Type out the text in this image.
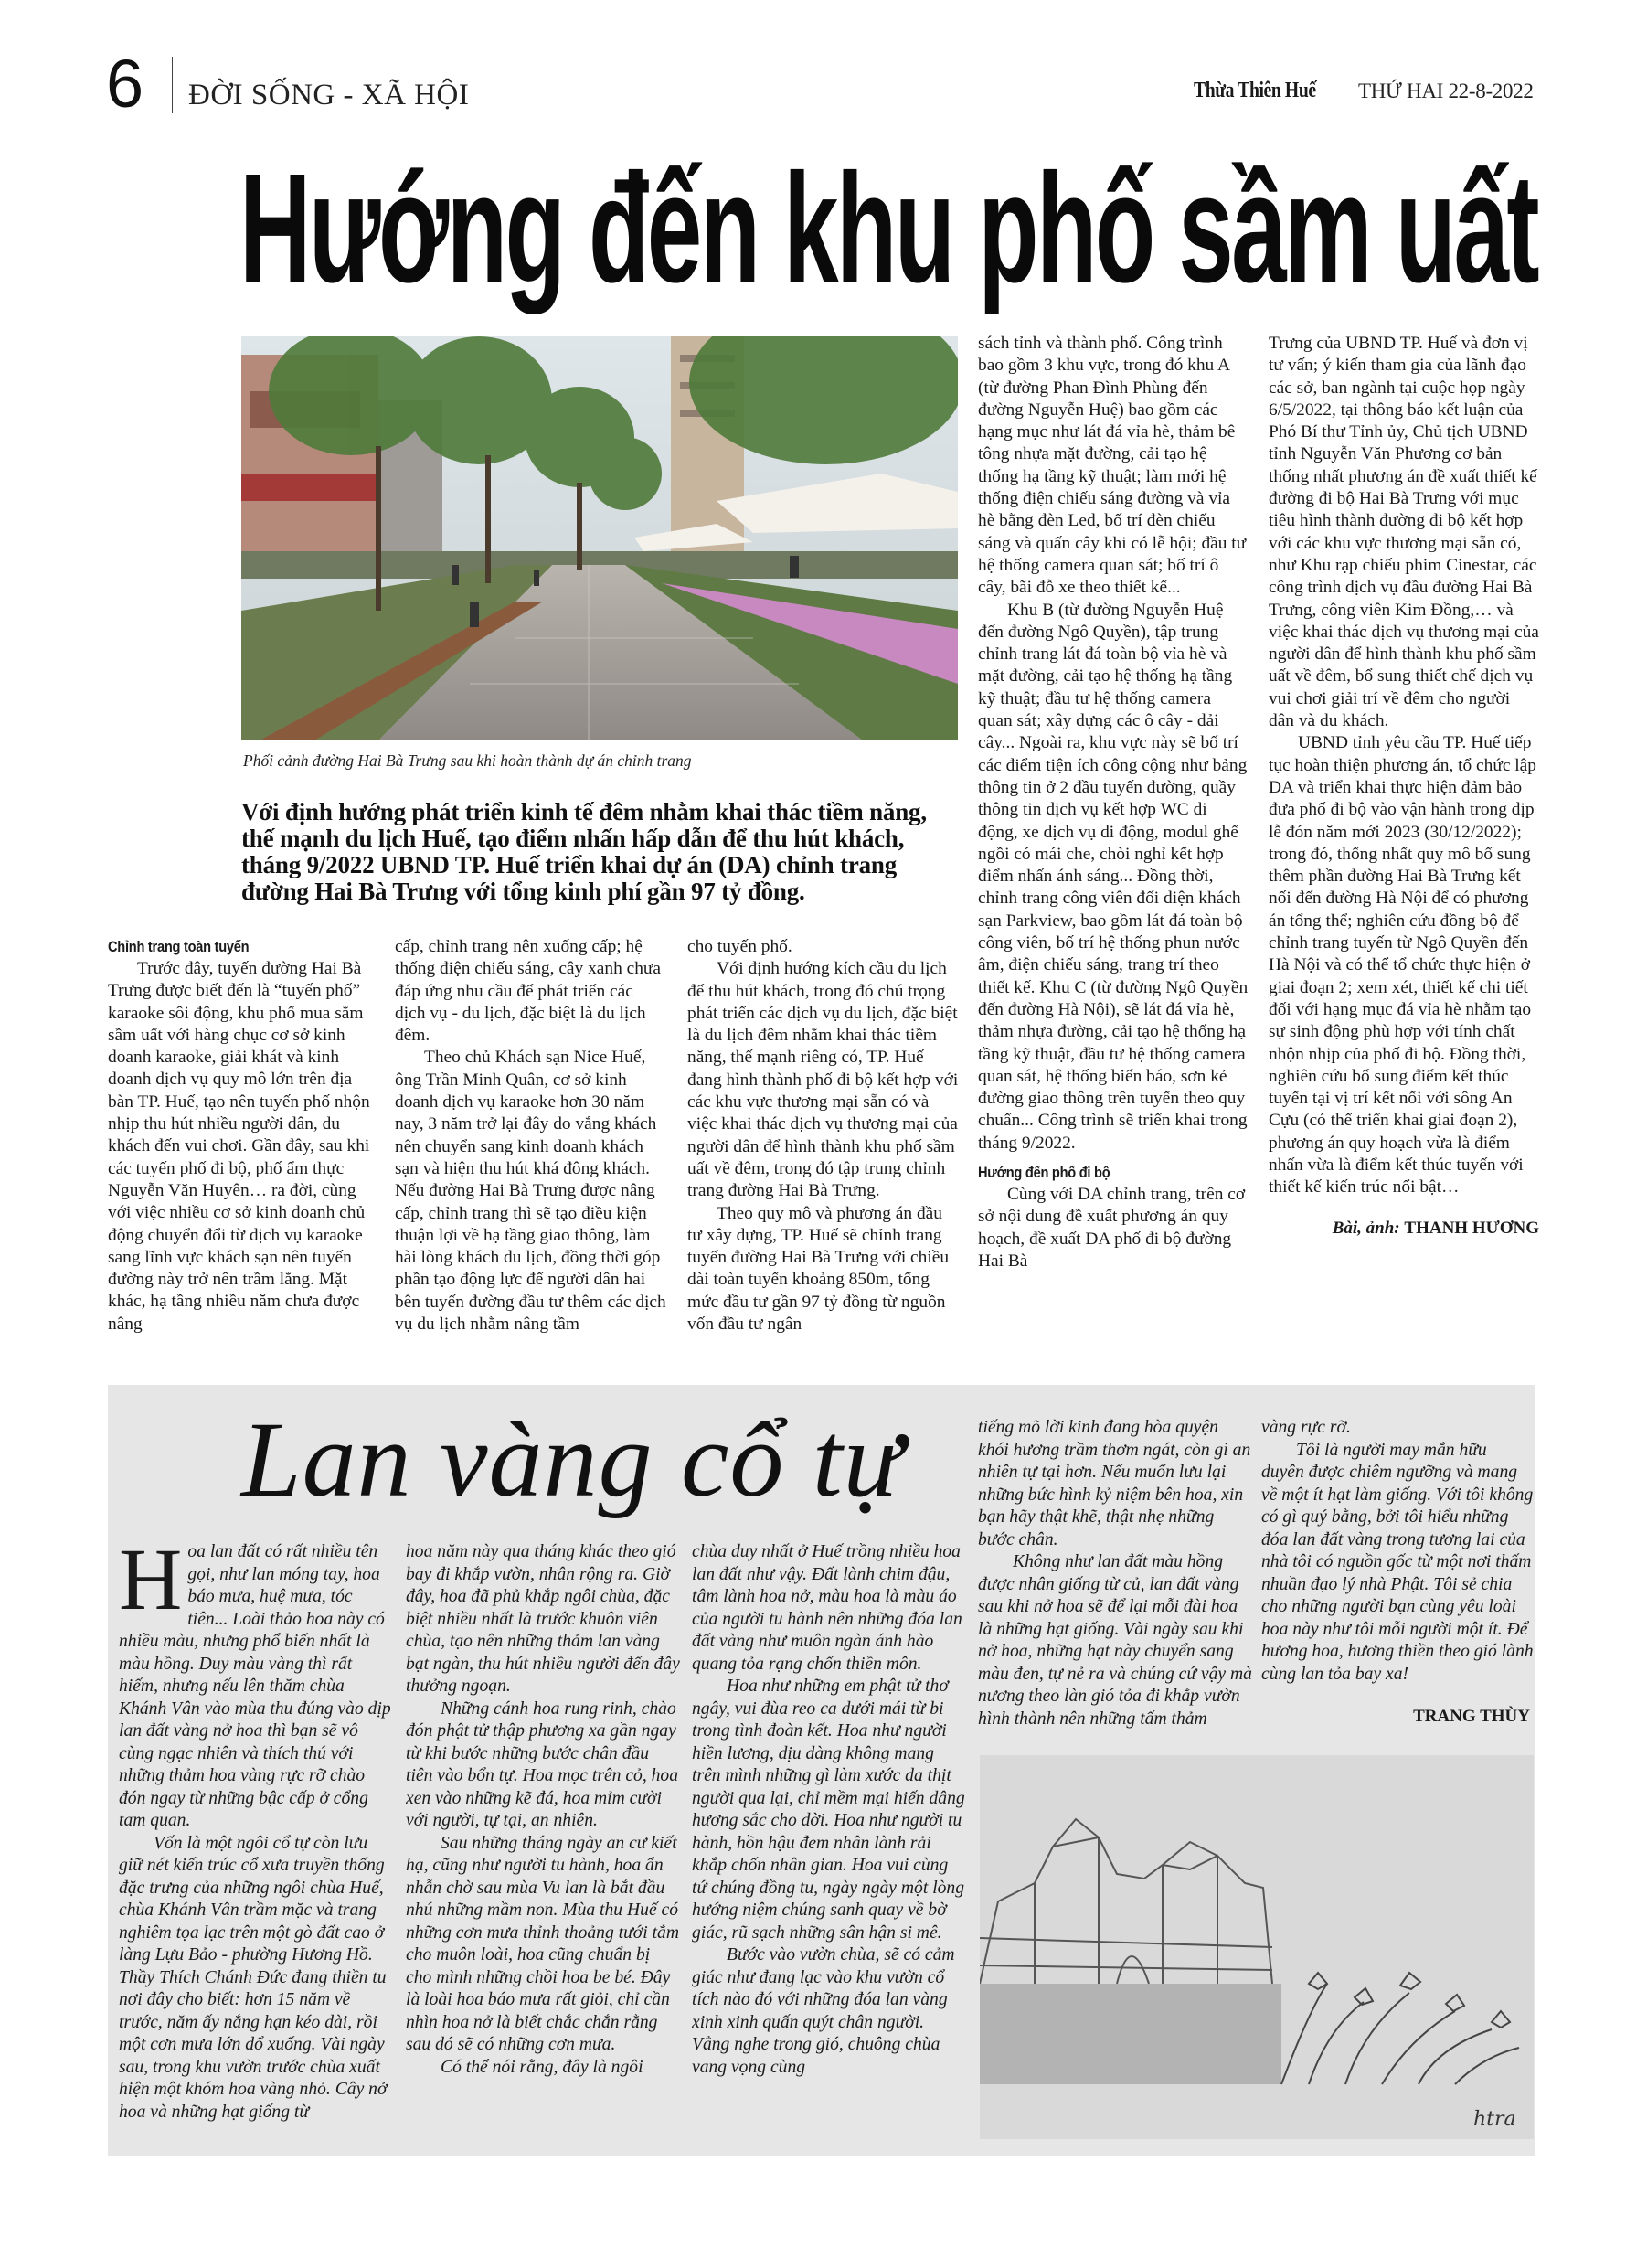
6 ĐỜI SỐNG - XÃ HỘI	Thừa Thiên Huế THỨ HAI 22-8-2022
Hướng đến khu phố sầm uất
Phối cảnh đường Hai Bà Trưng sau khi hoàn thành dự án chỉnh trang
Với định hướng phát triển kinh tế đêm nhằm khai thác tiềm năng, thế mạnh du lịch Huế, tạo điểm nhấn hấp dẫn để thu hút khách, tháng 9/2022 UBND TP. Huế triển khai dự án (DA) chỉnh trang đường Hai Bà Trưng với tổng kinh phí gần 97 tỷ đồng.
Chỉnh trang toàn tuyến

Trước đây, tuyến đường Hai Bà Trưng được biết đến là “tuyến phố” karaoke sôi động, khu phố mua sắm sầm uất với hàng chục cơ sở kinh doanh karaoke, giải khát và kinh doanh dịch vụ quy mô lớn trên địa bàn TP. Huế, tạo nên tuyến phố nhộn nhịp thu hút nhiều người dân, du khách đến vui chơi. Gần đây, sau khi các tuyến phố đi bộ, phố ẩm thực Nguyễn Văn Huyên… ra đời, cùng với việc nhiều cơ sở kinh doanh chủ động chuyển đổi từ dịch vụ karaoke sang lĩnh vực khách sạn nên tuyến đường này trở nên trầm lắng. Mặt khác, hạ tầng nhiều năm chưa được nâng

cấp, chỉnh trang nên xuống cấp; hệ thống điện chiếu sáng, cây xanh chưa đáp ứng nhu cầu để phát triển các dịch vụ - du lịch, đặc biệt là du lịch đêm.

Theo chủ Khách sạn Nice Huế, ông Trần Minh Quân, cơ sở kinh doanh dịch vụ karaoke hơn 30 năm nay, 3 năm trở lại đây do vắng khách nên chuyển sang kinh doanh khách sạn và hiện thu hút khá đông khách. Nếu đường Hai Bà Trưng được nâng cấp, chỉnh trang thì sẽ tạo điều kiện thuận lợi về hạ tầng giao thông, làm hài lòng khách du lịch, đồng thời góp phần tạo động lực để người dân hai bên tuyến đường đầu tư thêm các dịch vụ du lịch nhằm nâng tầm

cho tuyến phố.

Với định hướng kích cầu du lịch để thu hút khách, trong đó chú trọng phát triển các dịch vụ du lịch, đặc biệt là du lịch đêm nhằm khai thác tiềm năng, thế mạnh riêng có, TP. Huế đang hình thành phố đi bộ kết hợp với các khu vực thương mại sẵn có và việc khai thác dịch vụ thương mại của người dân để hình thành khu phố sầm uất về đêm, trong đó tập trung chỉnh trang đường Hai Bà Trưng.

Theo quy mô và phương án đầu tư xây dựng, TP. Huế sẽ chỉnh trang tuyến đường Hai Bà Trưng với chiều dài toàn tuyến khoảng 850m, tổng mức đầu tư gần 97 tỷ đồng từ nguồn vốn đầu tư ngân

sách tỉnh và thành phố. Công trình bao gồm 3 khu vực, trong đó khu A (từ đường Phan Đình Phùng đến đường Nguyễn Huệ) bao gồm các hạng mục như lát đá vỉa hè, thảm bê tông nhựa mặt đường, cải tạo hệ thống hạ tầng kỹ thuật; làm mới hệ thống điện chiếu sáng đường và vỉa hè bằng đèn Led, bố trí đèn chiếu sáng và quấn cây khi có lễ hội; đầu tư hệ thống camera quan sát; bố trí ô cây, bãi đỗ xe theo thiết kế...

Khu B (từ đường Nguyễn Huệ đến đường Ngô Quyền), tập trung chỉnh trang lát đá toàn bộ vỉa hè và mặt đường, cải tạo hệ thống hạ tầng kỹ thuật; đầu tư hệ thống camera quan sát; xây dựng các ô cây - dải cây... Ngoài ra, khu vực này sẽ bố trí các điểm tiện ích công cộng như bảng thông tin ở 2 đầu tuyến đường, quầy thông tin dịch vụ kết hợp WC di động, xe dịch vụ di động, modul ghế ngồi có mái che, chòi nghỉ kết hợp điểm nhấn ánh sáng... Đồng thời, chỉnh trang công viên đối diện khách sạn Parkview, bao gồm lát đá toàn bộ công viên, bố trí hệ thống phun nước âm, điện chiếu sáng, trang trí theo thiết kế. Khu C (từ đường Ngô Quyền đến đường Hà Nội), sẽ lát đá vỉa hè, thảm nhựa đường, cải tạo hệ thống hạ tầng kỹ thuật, đầu tư hệ thống camera quan sát, hệ thống biển báo, sơn kẻ đường giao thông trên tuyến theo quy chuẩn... Công trình sẽ triển khai trong tháng 9/2022.

Hướng đến phố đi bộ

Cùng với DA chỉnh trang, trên cơ sở nội dung đề xuất phương án quy hoạch, đề xuất DA phố đi bộ đường Hai Bà

Trưng của UBND TP. Huế và đơn vị tư vấn; ý kiến tham gia của lãnh đạo các sở, ban ngành tại cuộc họp ngày 6/5/2022, tại thông báo kết luận của Phó Bí thư Tỉnh ủy, Chủ tịch UBND tỉnh Nguyễn Văn Phương cơ bản thống nhất phương án đề xuất thiết kế đường đi bộ Hai Bà Trưng với mục tiêu hình thành đường đi bộ kết hợp với các khu vực thương mại sẵn có, như Khu rạp chiếu phim Cinestar, các công trình dịch vụ đầu đường Hai Bà Trưng, công viên Kim Đồng,… và việc khai thác dịch vụ thương mại của người dân để hình thành khu phố sầm uất về đêm, bổ sung thiết chế dịch vụ vui chơi giải trí về đêm cho người dân và du khách.

UBND tỉnh yêu cầu TP. Huế tiếp tục hoàn thiện phương án, tổ chức lập DA và triển khai thực hiện đảm bảo đưa phố đi bộ vào vận hành trong dịp lễ đón năm mới 2023 (30/12/2022); trong đó, thống nhất quy mô bổ sung thêm phần đường Hai Bà Trưng kết nối đến đường Hà Nội để có phương án tổng thể; nghiên cứu đồng bộ để chỉnh trang tuyến từ Ngô Quyền đến Hà Nội và có thể tổ chức thực hiện ở giai đoạn 2; xem xét, thiết kế chi tiết đối với hạng mục đá vỉa hè nhằm tạo sự sinh động phù hợp với tính chất nhộn nhịp của phố đi bộ. Đồng thời, nghiên cứu bổ sung điểm kết thúc tuyến tại vị trí kết nối với sông An Cựu (có thể triển khai giai đoạn 2), phương án quy hoạch vừa là điểm nhấn vừa là điểm kết thúc tuyến với thiết kế kiến trúc nổi bật…

Bài, ảnh: THANH HƯƠNG
Lan vàng cổ tự
H oa lan đất có rất nhiều tên gọi, như lan móng tay, hoa báo mưa, huệ mưa, tóc tiên... Loài thảo hoa này có nhiều màu, nhưng phổ biến nhất là màu hồng. Duy màu vàng thì rất hiếm, nhưng nếu lên thăm chùa Khánh Vân vào mùa thu đúng vào dịp lan đất vàng nở hoa thì bạn sẽ vô cùng ngạc nhiên và thích thú với những thảm hoa vàng rực rỡ chào đón ngay từ những bậc cấp ở cổng tam quan.

Vốn là một ngôi cổ tự còn lưu giữ nét kiến trúc cổ xưa truyền thống đặc trưng của những ngôi chùa Huế, chùa Khánh Vân trầm mặc và trang nghiêm tọa lạc trên một gò đất cao ở làng Lựu Bảo - phường Hương Hồ. Thầy Thích Chánh Đức đang thiền tu nơi đây cho biết: hơn 15 năm về trước, năm ấy nắng hạn kéo dài, rồi một cơn mưa lớn đổ xuống. Vài ngày sau, trong khu vườn trước chùa xuất hiện một khóm hoa vàng nhỏ. Cây nở hoa và những hạt giống từ

hoa năm này qua tháng khác theo gió bay đi khắp vườn, nhân rộng ra. Giờ đây, hoa đã phủ khắp ngôi chùa, đặc biệt nhiều nhất là trước khuôn viên chùa, tạo nên những thảm lan vàng bạt ngàn, thu hút nhiều người đến đây thưởng ngoạn.

Những cánh hoa rung rinh, chào đón phật tử thập phương xa gần ngay từ khi bước những bước chân đầu tiên vào bổn tự. Hoa mọc trên cỏ, hoa xen vào những kẽ đá, hoa mỉm cười với người, tự tại, an nhiên.

Sau những tháng ngày an cư kiết hạ, cũng như người tu hành, hoa ẩn nhẫn chờ sau mùa Vu lan là bắt đầu nhú những mầm non. Mùa thu Huế có những cơn mưa thỉnh thoảng tưới tắm cho muôn loài, hoa cũng chuẩn bị cho mình những chồi hoa be bé. Đây là loài hoa báo mưa rất giỏi, chỉ cần nhìn hoa nở là biết chắc chắn rằng sau đó sẽ có những cơn mưa.

Có thể nói rằng, đây là ngôi

chùa duy nhất ở Huế trồng nhiều hoa lan đất như vậy. Đất lành chim đậu, tâm lành hoa nở, màu hoa là màu áo của người tu hành nên những đóa lan đất vàng như muôn ngàn ánh hào quang tỏa rạng chốn thiền môn.

Hoa như những em phật tử thơ ngây, vui đùa reo ca dưới mái từ bi trong tình đoàn kết. Hoa như người hiền lương, dịu dàng không mang trên mình những gì làm xước da thịt người qua lại, chỉ mềm mại hiến dâng hương sắc cho đời. Hoa như người tu hành, hồn hậu đem nhân lành rải khắp chốn nhân gian. Hoa vui cùng tứ chúng đồng tu, ngày ngày một lòng hướng niệm chúng sanh quay về bờ giác, rũ sạch những sân hận si mê.

Bước vào vườn chùa, sẽ có cảm giác như đang lạc vào khu vườn cổ tích nào đó với những đóa lan vàng xinh xinh quấn quýt chân người. Vẳng nghe trong gió, chuông chùa vang vọng cùng

tiếng mõ lời kinh đang hòa quyện khói hương trầm thơm ngát, còn gì an nhiên tự tại hơn. Nếu muốn lưu lại những bức hình kỷ niệm bên hoa, xin bạn hãy thật khẽ, thật nhẹ những bước chân.

Không như lan đất màu hồng được nhân giống từ củ, lan đất vàng sau khi nở hoa sẽ để lại mỗi đài hoa là những hạt giống. Vài ngày sau khi nở hoa, những hạt này chuyển sang màu đen, tự nẻ ra và chúng cứ vậy mà nương theo làn gió tỏa đi khắp vườn hình thành nên những tấm thảm

vàng rực rỡ.

Tôi là người may mắn hữu duyên được chiêm ngưỡng và mang về một ít hạt làm giống. Với tôi không có gì quý bằng, bởi tôi hiểu những đóa lan đất vàng trong tương lai của nhà tôi có nguồn gốc từ một nơi thấm nhuần đạo lý nhà Phật. Tôi sẻ chia cho những người bạn cùng yêu loài hoa này như tôi mỗi người một ít. Để hương hoa, hương thiền theo gió lành cùng lan tỏa bay xa!

TRANG THÙY
htra
